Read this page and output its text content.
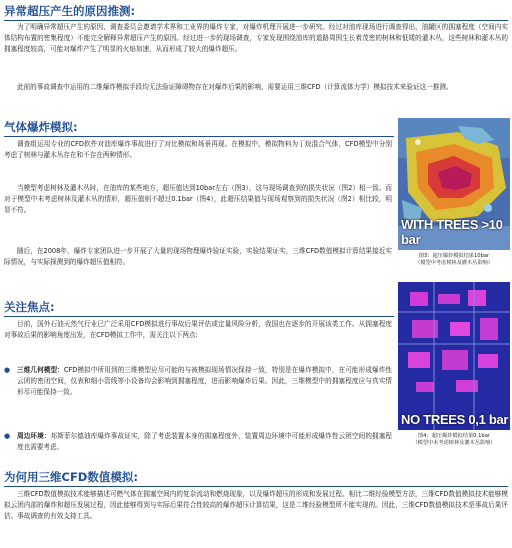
异常超压产生的原因推测:

为了明确异常超压产生的原因，调查委员会邀请学术界和工业界的爆炸专家，对爆炸机理开展进一步研究。经过对油库现场进行调查得出，油罐区的拥塞程度（空间内实体结构布置的密集程度）不能完全解释异常超压产生的原因。经过进一步的现场调查，专家发现围绕油库的道路周围生长着茂密的树林和低矮的灌木丛，这些树林和灌木丛的拥塞程度较高，可能对爆炸产生了明显的火焰加速，从而形成了较大的爆炸超压。

此前的事故调查中运用的二维爆炸模拟手段均无法验证障碍物存在对爆炸后果的影响，需要运用三维CFD（计算流体力学）模拟技术来验证这一推测。

气体爆炸模拟:

调查组运用专业的CFD软件对油库爆炸事故进行了对比模拟和场景再现。在模拟中，模拟物料为丁烷混合气体，CFD模型中分别考虑了树林与灌木丛存在和不存在两种情形。

当模型考虑树林及灌木丛时，在油库的某些地方，超压值达到10bar左右（图3），这与现场调查到的损失状况（图2）相一致。而对于模型中未考虑树林及灌木丛的情形，超压值则不超过0.1bar（图4），此超压结果值与现场观察到的损失状况（图2）相比较，明显不符。

随后，在2008年，爆炸专家团队进一步开展了大量的现场物理爆炸验证实验，实验结果证实，三维CFD数值模拟计算结果接近实际情况，与实际探测到的爆炸超压值相符。

关注焦点:

目前，国外石油天然气行业已广泛采用CFD模拟进行事故后果评估或定量风险分析，我国也在逐步的开展该类工作。从拥塞程度对事故后果的影响角度出发，在CFD模拟工作中，需关注以下两点:

●	三维几何模型：CFD模拟中所用到的三维模型应尽可能的与被模拟现场情况保持一致，特别是在爆炸模拟中，在可能形成爆炸性云团的密闭空间，仪表和细小管线等小设备均会影响到拥塞程度，进而影响爆炸后果。因此，三维模型中的拥塞程度应与真实情形尽可能保持一致。
●	周边环境：邦斯菲尔德油库爆炸事故证实，除了考虑装置本身的拥塞程度外，装置周边环境中可能形成爆炸性云团空间的拥塞程度也需要考虑。
为何用三维CFD数值模拟:

三维CFD数值模拟技术能够描述可燃气体在拥塞空间内的复杂流动和燃烧现象，以及爆炸超压的形成和发展过程。相比二维经验模型方法，三维CFD数值模拟技术能够模拟云团内部的爆炸和超压发展过程，因此能够得到与实际后果符合性较高的爆炸超压计算结果，这是二维经验模型所不能实现的。因此，三维CFD数值模拟技术是事故后果评估、事故调查的有效支持工具。

WITH TREES >10 bar
图3：超压爆炸模拟结果10bar
（模型中考虑树林及灌木丛影响）
NO TREES 0,1 bar
图4：超压爆炸模拟结果0.1bar
（模型中未考虑树林及灌木丛影响）
